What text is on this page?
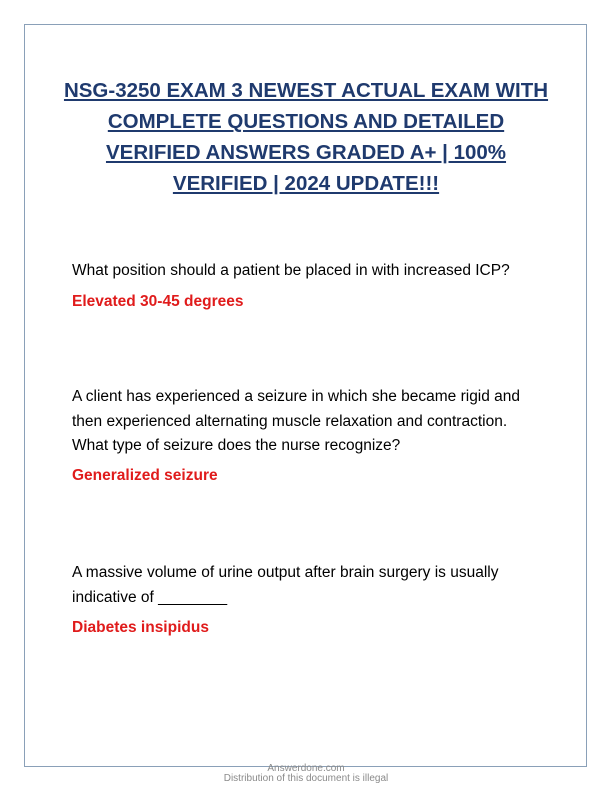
NSG-3250 EXAM 3 NEWEST ACTUAL EXAM WITH COMPLETE QUESTIONS AND DETAILED VERIFIED ANSWERS GRADED A+ | 100% VERIFIED | 2024 UPDATE!!!

What position should a patient be placed in with increased ICP?

Elevated 30-45 degrees

A client has experienced a seizure in which she became rigid and then experienced alternating muscle relaxation and contraction. What type of seizure does the nurse recognize?

Generalized seizure

A massive volume of urine output after brain surgery is usually indicative of ________

Diabetes insipidus

Answerdone.com
Distribution of this document is illegal
